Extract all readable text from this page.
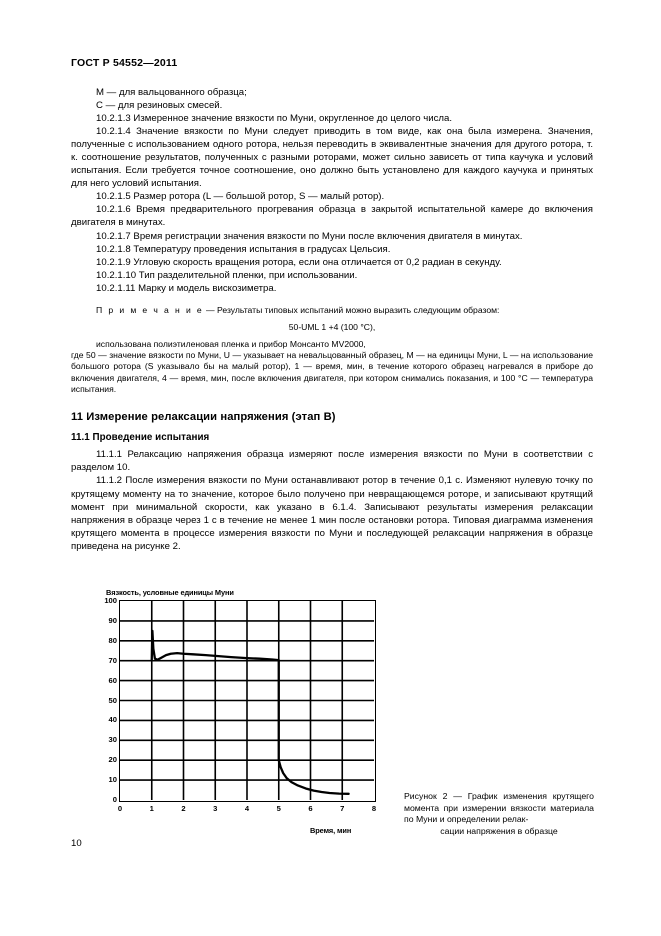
ГОСТ Р 54552—2011

M — для вальцованного образца;

С — для резиновых смесей.

10.2.1.3 Измеренное значение вязкости по Муни, округленное до целого числа.

10.2.1.4 Значение вязкости по Муни следует приводить в том виде, как она была измерена. Значения, полученные с использованием одного ротора, нельзя переводить в эквивалентные значения для другого ротора, т. к. соотношение результатов, полученных с разными роторами, может сильно зависеть от типа каучука и условий испытания. Если требуется точное соотношение, оно должно быть установлено для каждого каучука и принятых для него условий испытания.

10.2.1.5 Размер ротора (L — большой ротор, S — малый ротор).

10.2.1.6 Время предварительного прогревания образца в закрытой испытательной камере до включения двигателя в минутах.

10.2.1.7 Время регистрации значения вязкости по Муни после включения двигателя в минутах.

10.2.1.8 Температуру проведения испытания в градусах Цельсия.

10.2.1.9 Угловую скорость вращения ротора, если она отличается от 0,2 радиан в секунду.

10.2.1.10 Тип разделительной пленки, при использовании.

10.2.1.11 Марку и модель вискозиметра.

П р и м е ч а н и е — Результаты типовых испытаний можно выразить следующим образом:

50-UML 1 +4 (100 °C),

использована полиэтиленовая пленка и прибор Монсанто MV2000,

где 50 — значение вязкости по Муни, U — указывает на невальцованный образец, M — на единицы Муни, L — на использование большого ротора (S указывало бы на малый ротор), 1 — время, мин, в течение которого образец нагревался в приборе до включения двигателя, 4 — время, мин, после включения двигателя, при котором снимались показания, и 100 °C — температура испытания.

11 Измерение релаксации напряжения (этап В)
11.1 Проведение испытания

11.1.1 Релаксацию напряжения образца измеряют после измерения вязкости по Муни в соответствии с разделом 10.

11.1.2 После измерения вязкости по Муни останавливают ротор в течение 0,1 с. Изменяют нулевую точку по крутящему моменту на то значение, которое было получено при невращающемся роторе, и записывают крутящий момент при минимальной скорости, как указано в 6.1.4. Записывают результаты измерения релаксации напряжения в образце через 1 с в течение не менее 1 мин после остановки ротора. Типовая диаграмма изменения крутящего момента в процессе измерения вязкости по Муни и последующей релаксации напряжения в образце приведена на рисунке 2.

Вязкость, условные единицы Муни
0
10
20
30
40
50
60
70
80
90
100
0	1	2	3	4	5	6	7	8
Время, мин
Рисунок 2 — График изменения крутящего момента при измерении вязкости материала по Муни и определении релак-
сации напряжения в образце
10
